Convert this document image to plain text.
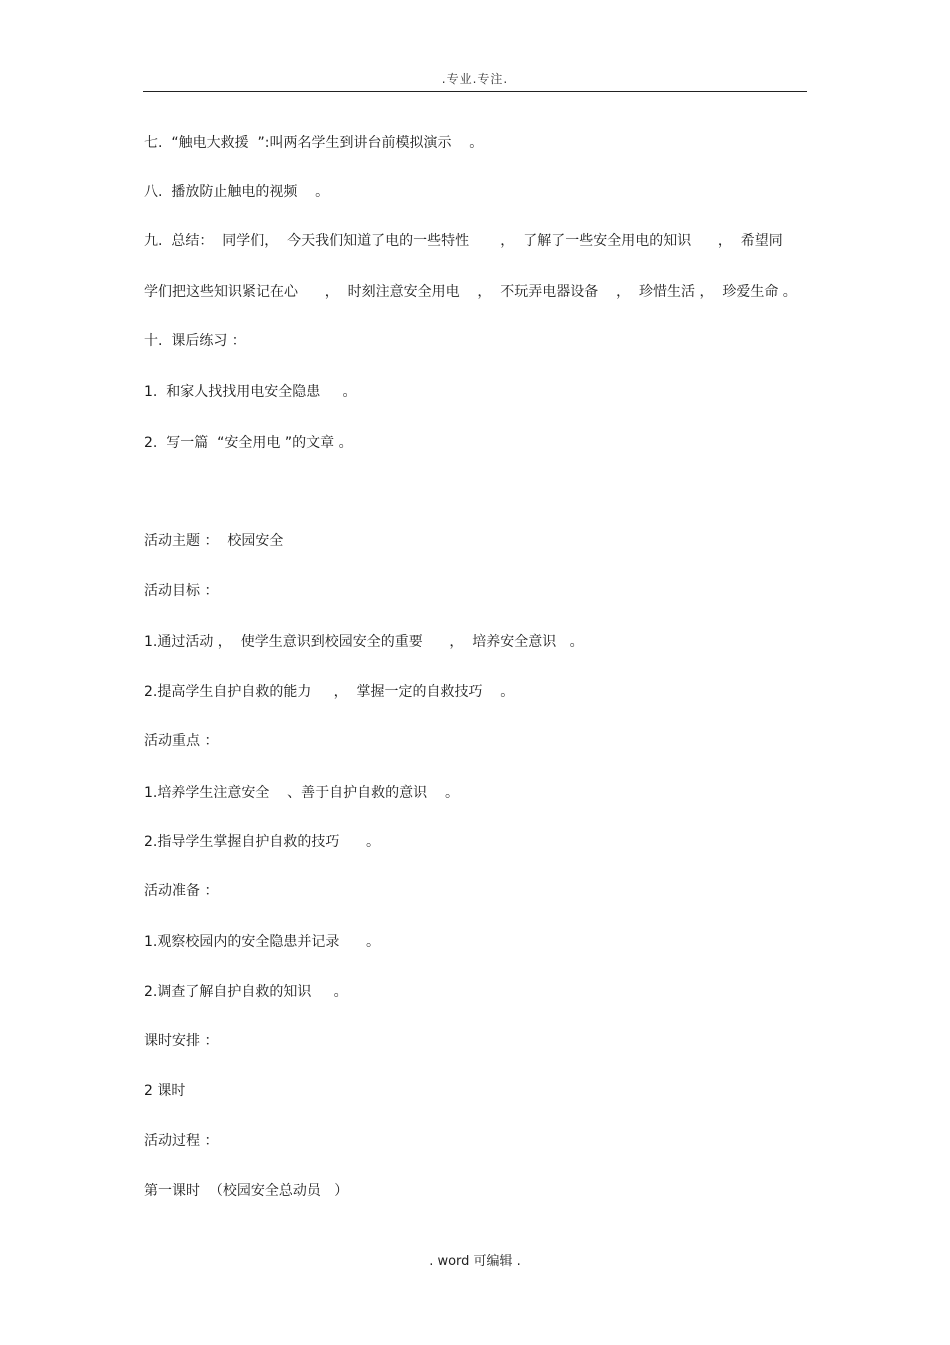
.专业.专注.
七.  “触电大救援  ”:叫两名学生到讲台前模拟演示    。
八.  播放防止触电的视频    。
九.  总结：  同学们，  今天我们知道了电的一些特性       ，  了解了一些安全用电的知识      ，  希望同
学们把这些知识紧记在心      ，  时刻注意安全用电    ，  不玩弄电器设备    ，  珍惜生活 ，  珍爱生命 。
十.  课后练习 ：
1.  和家人找找用电安全隐患     。
2.  写一篇  “安全用电 ”的文章 。
活动主题 ：  校园安全
活动目标 ：
1.通过活动 ，  使学生意识到校园安全的重要      ，  培养安全意识   。
2.提高学生自护自救的能力     ，  掌握一定的自救技巧    。
活动重点 ：
1.培养学生注意安全    、善于自护自救的意识    。
2.指导学生掌握自护自救的技巧      。
活动准备 ：
1.观察校园内的安全隐患并记录      。
2.调查了解自护自救的知识     。
课时安排 ：
2 课时
活动过程 ：
第一课时  （校园安全总动员   ）
. word 可编辑 .
